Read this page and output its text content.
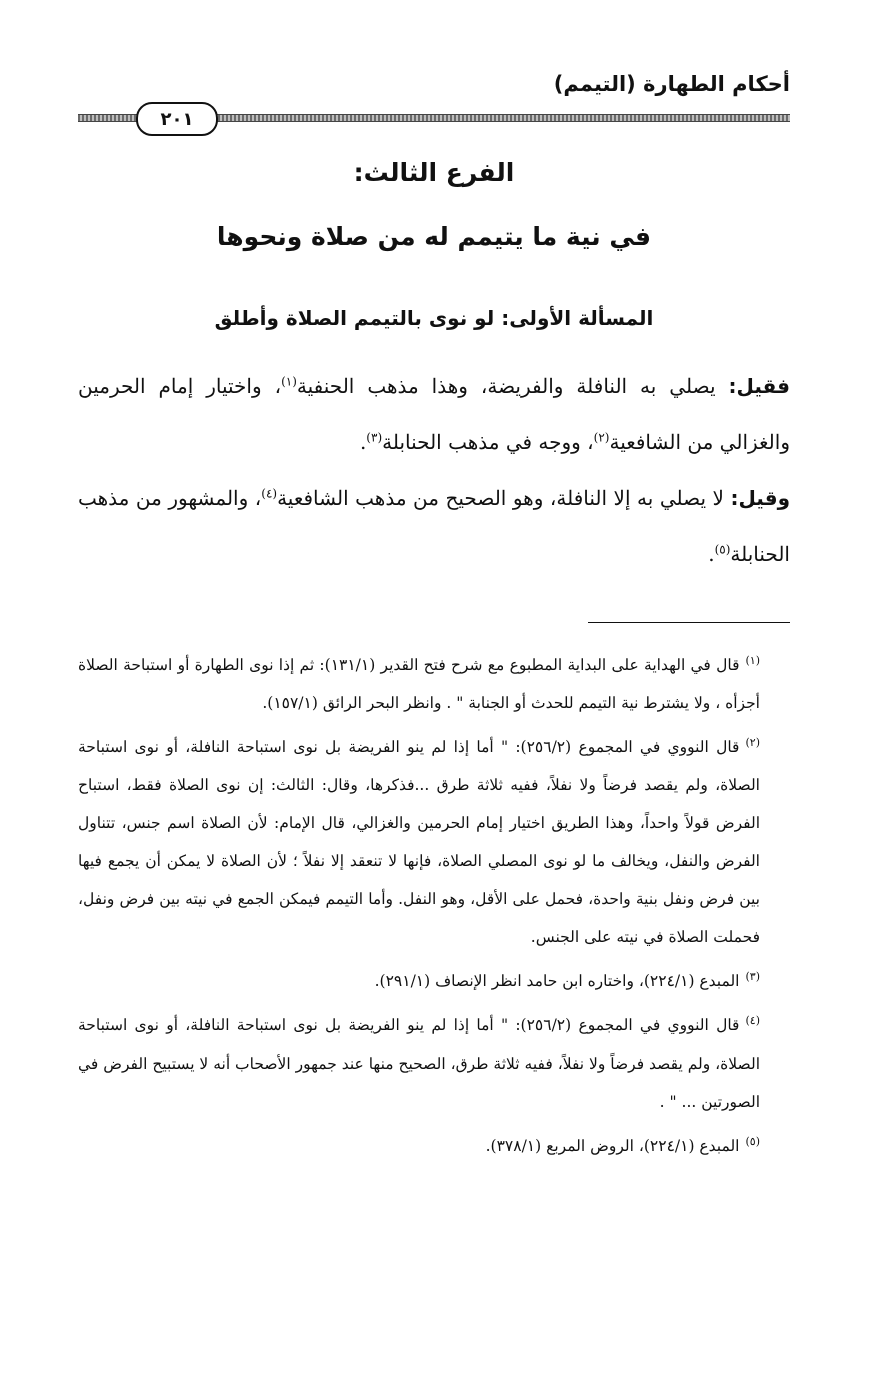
أحكام الطهارة (التيمم)
٢٠١
الفرع الثالث:
في نية ما يتيمم له من صلاة ونحوها
المسألة الأولى: لو نوى بالتيمم الصلاة وأطلق
فقيل: يصلي به النافلة والفريضة، وهذا مذهب الحنفية$^{(١)}$، واختيار إمام الحرمين والغزالي من الشافعية$^{(٢)}$، ووجه في مذهب الحنابلة$^{(٣)}$.
وقيل: لا يصلي به إلا النافلة، وهو الصحيح من مذهب الشافعية$^{(٤)}$، والمشهور من مذهب الحنابلة$^{(٥)}$.
$^{(١)}$قال في الهداية على البداية المطبوع مع شرح فتح القدير (١٣١/١): ثم إذا نوى الطهارة أو استباحة الصلاة أجزأه ، ولا يشترط نية التيمم للحدث أو الجنابة " . وانظر البحر الرائق (١٥٧/١).
$^{(٢)}$قال النووي في المجموع (٢٥٦/٢): " أما إذا لم ينو الفريضة بل نوى استباحة النافلة، أو نوى استباحة الصلاة، ولم يقصد فرضاً ولا نفلاً، ففيه ثلاثة طرق ...فذكرها، وقال: الثالث: إن نوى الصلاة فقط، استباح الفرض قولاً واحداً، وهذا الطريق اختيار إمام الحرمين والغزالي، قال الإمام: لأن الصلاة اسم جنس، تتناول الفرض والنفل، ويخالف ما لو نوى المصلي الصلاة، فإنها لا تنعقد إلا نفلاً ؛ لأن الصلاة لا يمكن أن يجمع فيها بين فرض ونفل بنية واحدة، فحمل على الأقل، وهو النفل. وأما التيمم فيمكن الجمع في نيته بين فرض ونفل، فحملت الصلاة في نيته على الجنس.
$^{(٣)}$المبدع (٢٢٤/١)، واختاره ابن حامد انظر الإنصاف (٢٩١/١).
$^{(٤)}$قال النووي في المجموع (٢٥٦/٢): " أما إذا لم ينو الفريضة بل نوى استباحة النافلة، أو نوى استباحة الصلاة، ولم يقصد فرضاً ولا نفلاً، ففيه ثلاثة طرق، الصحيح منها عند جمهور الأصحاب أنه لا يستبيح الفرض في الصورتين ... " .
$^{(٥)}$المبدع (٢٢٤/١)، الروض المربع (٣٧٨/١).
